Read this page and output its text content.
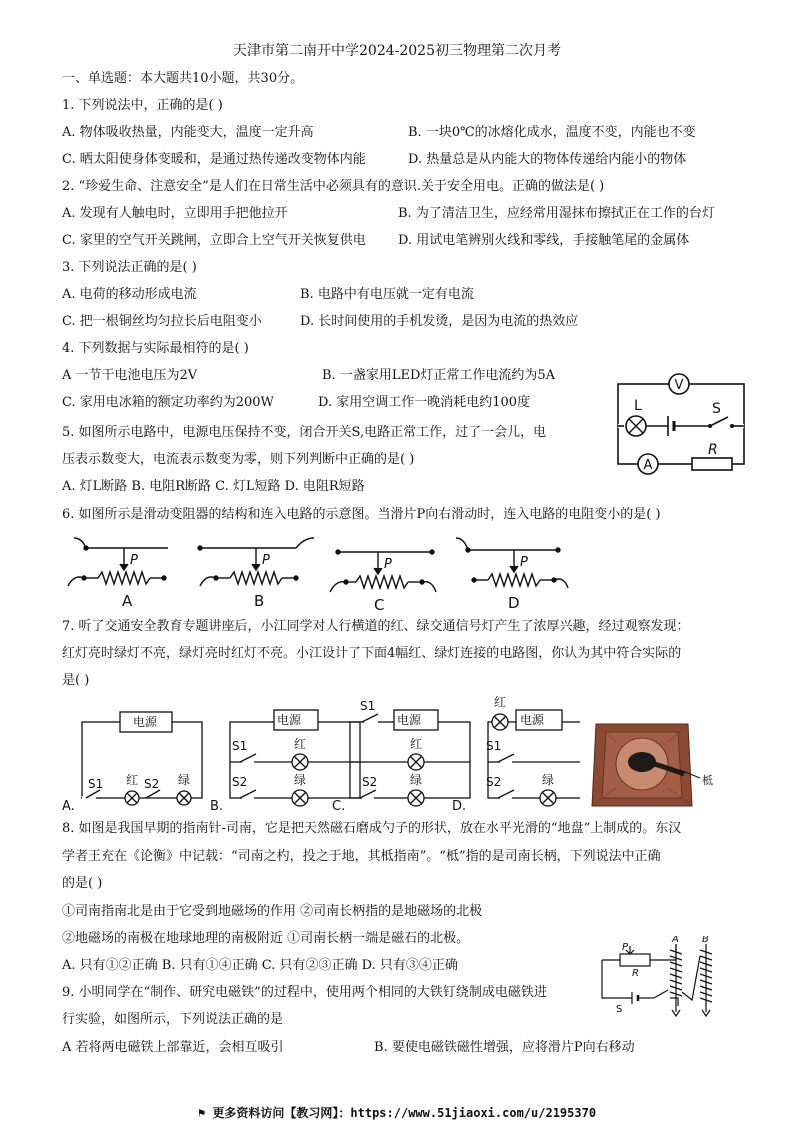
天津市第二南开中学2024-2025初三物理第二次月考
一、单选题：本大题共10小题，共30分。
1. 下列说法中，正确的是( )
A. 物体吸收热量，内能变大，温度一定升高	B. 一块0℃的冰熔化成水，温度不变，内能也不变
C. 晒太阳使身体变暖和，是通过热传递改变物体内能	D. 热量总是从内能大的物体传递给内能小的物体
2. “珍爱生命、注意安全”是人们在日常生活中必须具有的意识.关于安全用电。正确的做法是( )
A. 发现有人触电时，立即用手把他拉开	B. 为了清洁卫生，应经常用湿抹布擦拭正在工作的台灯
C. 家里的空气开关跳闸，立即合上空气开关恢复供电 D. 用试电笔辨别火线和零线，手接触笔尾的金属体
3. 下列说法正确的是( )
A. 电荷的移动形成电流	B. 电路中有电压就一定有电流
C. 把一根铜丝均匀拉长后电阻变小	D. 长时间使用的手机发烫，是因为电流的热效应
4. 下列数据与实际最相符的是( )
A 一节干电池电压为2V	B. 一盏家用LED灯正常工作电流约为5A
C. 家用电冰箱的额定功率约为200W	D. 家用空调工作一晚消耗电约100度
V
L	S
A
R
5. 如图所示电路中，电源电压保持不变，闭合开关S,电路正常工作，过了一会儿，电
压表示数变大，电流表示数变为零，则下列判断中正确的是( )
A. 灯L断路 B. 电阻R断路 C. 灯L短路 D. 电阻R短路
6. 如图所示是滑动变阻器的结构和连入电路的示意图。当滑片P向右滑动时，连入电路的电阻变小的是( )
P	P	P	P
A	B	C	D
7. 听了交通安全教育专题讲座后，小江同学对人行横道的红、绿交通信号灯产生了浓厚兴趣，经过观察发现：
红灯亮时绿灯不亮，绿灯亮时红灯不亮。小江设计了下面4幅红、绿灯连接的电路图，你认为其中符合实际的
是( )
电源	电源	电源	电源
S1 红 S2 绿
S1	红
S2	绿
S1
红
S2	绿
红
S1
S2	绿
A.	B.	C.	D.
柢
8. 如图是我国早期的指南针-司南，它是把天然磁石磨成勺子的形状，放在水平光滑的“地盘”上制成的。东汉
学者王充在《论衡》中记载：“司南之杓，投之于地，其柢指南”。“柢”指的是司南长柄，下列说法中正确
的是( )
①司南指南北是由于它受到地磁场的作用 ②司南长柄指的是地磁场的北极
②地磁场的南极在地球地理的南极附近 ①司南长柄一端是磁石的北极。
A. 只有①②正确 B. 只有①④正确 C. 只有②③正确 D. 只有③④正确
P
R
S
A B
9. 小明同学在“制作、研究电磁铁”的过程中，使用两个相同的大铁钉绕制成电磁铁进
行实验，如图所示，下列说法正确的是
A 若将两电磁铁上部靠近，会相互吸引	B. 要使电磁铁磁性增强，应将滑片P向右移动
⚑ 更多资料访问【教习网】：https://www.51jiaoxi.com/u/2195370
